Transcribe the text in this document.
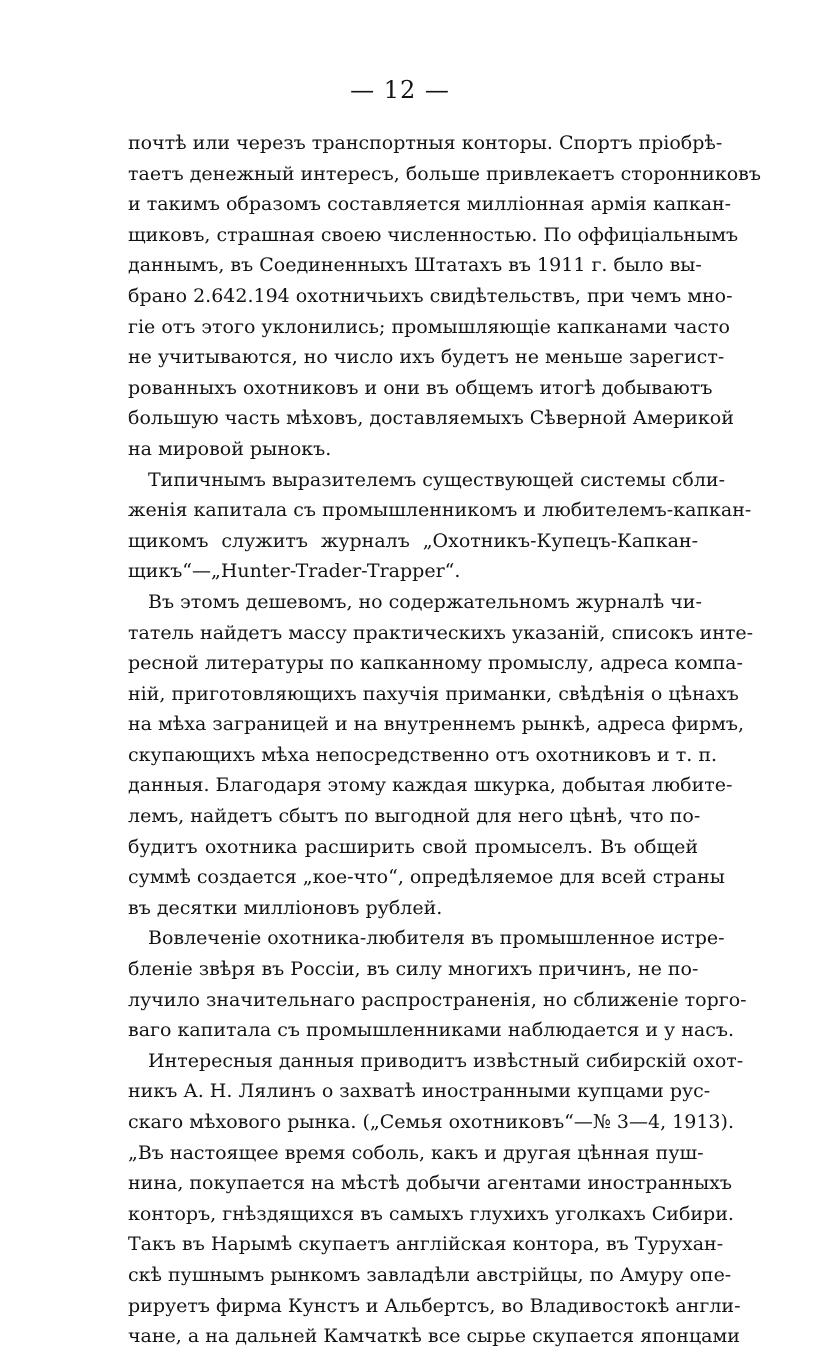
— 12 —
почтѣ или черезъ транспортныя конторы. Спортъ пріобрѣ-
таетъ денежный интересъ, больше привлекаетъ сторонниковъ
и такимъ образомъ составляется милліонная армія капкан-
щиковъ, страшная своею численностью. По оффиціальнымъ
даннымъ, въ Соединенныхъ Штатахъ въ 1911 г. было вы-
брано 2.642.194 охотничьихъ свидѣтельствъ, при чемъ мно-
гіе отъ этого уклонились; промышляющіе капканами часто
не учитываются, но число ихъ будетъ не меньше зарегист-
рованныхъ охотниковъ и они въ общемъ итогѣ добываютъ
большую часть мѣховъ, доставляемыхъ Сѣверной Америкой
на мировой рынокъ.
Типичнымъ выразителемъ существующей системы сбли-
женія капитала съ промышленникомъ и любителемъ-капкан-
щикомъ служитъ журналъ „Охотникъ-Купецъ-Капкан-
щикъ“—„Hunter-Trader-Trapper“.
Въ этомъ дешевомъ, но содержательномъ журналѣ чи-
татель найдетъ массу практическихъ указаній, списокъ инте-
ресной литературы по капканному промыслу, адреса компа-
ній, приготовляющихъ пахучія приманки, свѣдѣнія о цѣнахъ
на мѣха заграницей и на внутреннемъ рынкѣ, адреса фирмъ,
скупающихъ мѣха непосредственно отъ охотниковъ и т. п.
данныя. Благодаря этому каждая шкурка, добытая любите-
лемъ, найдетъ сбытъ по выгодной для него цѣнѣ, что по-
будитъ охотника расширить свой промыселъ. Въ общей
суммѣ создается „кое-что“, опредѣляемое для всей страны
въ десятки милліоновъ рублей.
Вовлеченіе охотника-любителя въ промышленное истре-
бленіе звѣря въ Россіи, въ силу многихъ причинъ, не по-
лучило значительнаго распространенія, но сближеніе торго-
ваго капитала съ промышленниками наблюдается и у насъ.
Интересныя данныя приводитъ извѣстный сибирскій охот-
никъ А. Н. Лялинъ о захватѣ иностранными купцами рус-
скаго мѣхового рынка. („Семья охотниковъ“—№ 3—4, 1913).
„Въ настоящее время соболь, какъ и другая цѣнная пуш-
нина, покупается на мѣстѣ добычи агентами иностранныхъ
конторъ, гнѣздящихся въ самыхъ глухихъ уголкахъ Сибири.
Такъ въ Нарымѣ скупаетъ англійская контора, въ Турухан-
скѣ пушнымъ рынкомъ завладѣли австрійцы, по Амуру опе-
рируетъ фирма Кунстъ и Альбертсъ, во Владивостокѣ англи-
чане, а на дальней Камчаткѣ все сырье скупается японцами
